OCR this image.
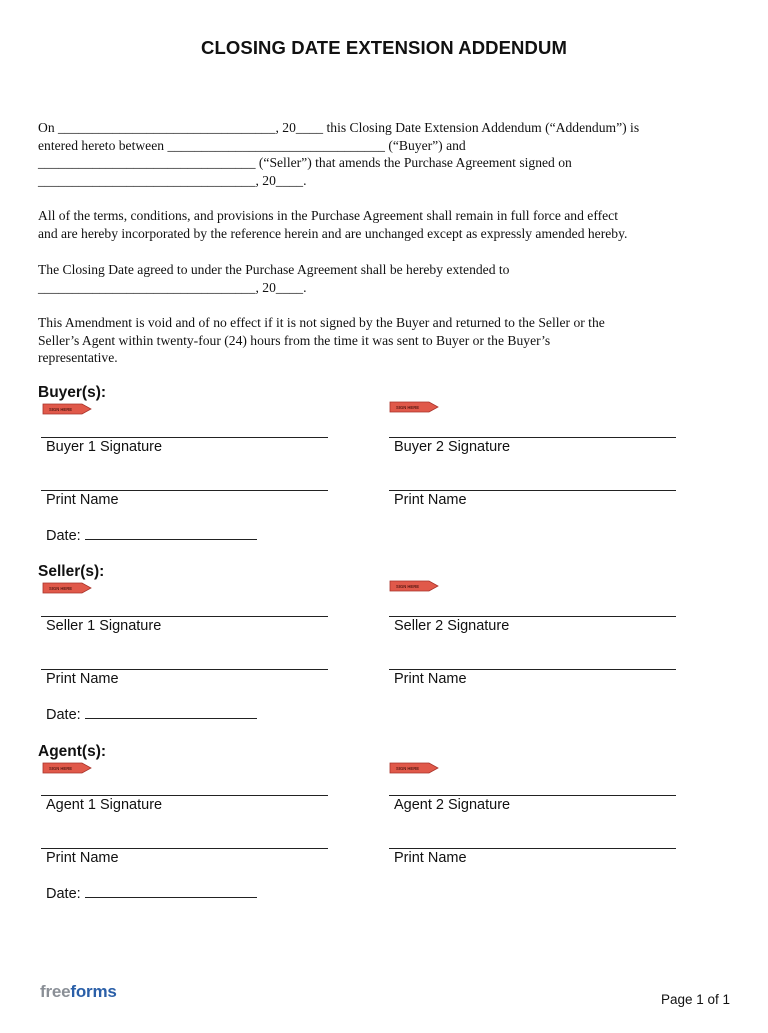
CLOSING DATE EXTENSION ADDENDUM
On ________________________________, 20____ this Closing Date Extension Addendum (“Addendum”) is
entered hereto between ________________________________ (“Buyer”) and
________________________________ (“Seller”) that amends the Purchase Agreement signed on
________________________________, 20____.
All of the terms, conditions, and provisions in the Purchase Agreement shall remain in full force and effect
and are hereby incorporated by the reference herein and are unchanged except as expressly amended hereby.
The Closing Date agreed to under the Purchase Agreement shall be hereby extended to
________________________________, 20____.
This Amendment is void and of no effect if it is not signed by the Buyer and returned to the Seller or the
Seller’s Agent within twenty-four (24) hours from the time it was sent to Buyer or the Buyer’s
representative.
Buyer(s):
SIGN HERE	SIGN HERE
Buyer 1 Signature	Buyer 2 Signature
Print Name	Print Name
Date:
Seller(s):
SIGN HERE	SIGN HERE
Seller 1 Signature	Seller 2 Signature
Print Name	Print Name
Date:
Agent(s):
SIGN HERE	SIGN HERE
Agent 1 Signature	Agent 2 Signature
Print Name	Print Name
Date:
freeforms	Page 1 of 1
